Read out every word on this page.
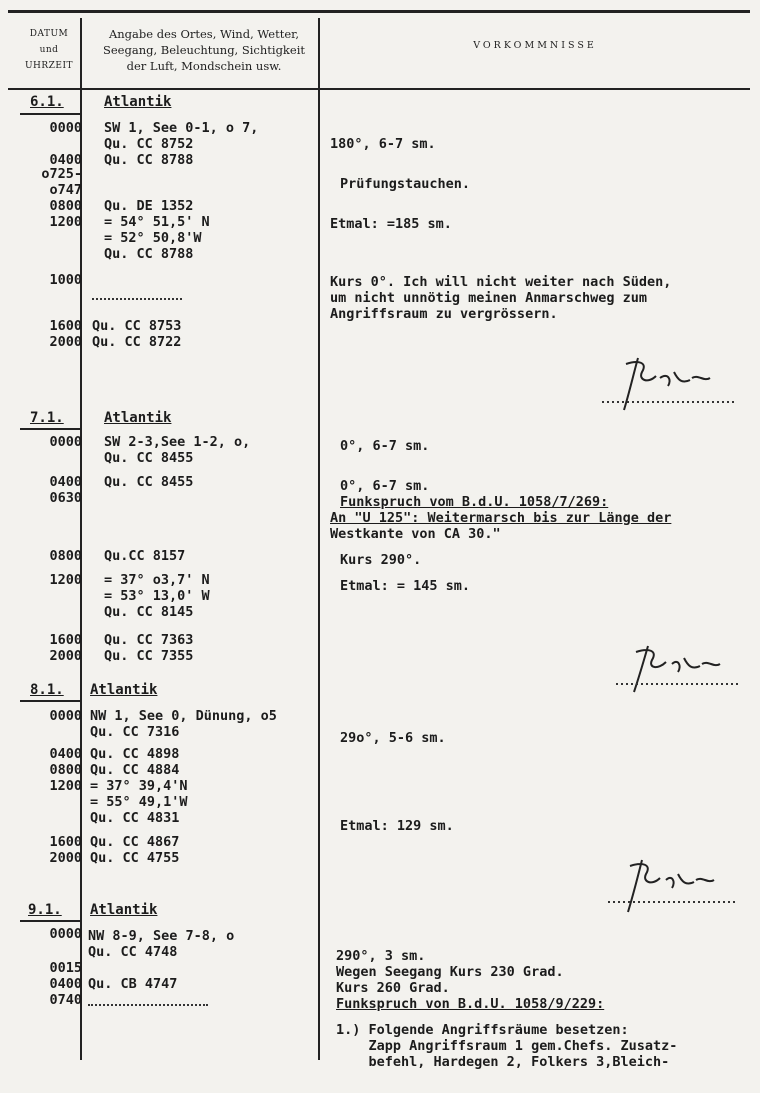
DATUM
und
UHRZEIT
Angabe des Ortes, Wind, Wetter,
Seegang, Beleuchtung, Sichtigkeit
der Luft, Mondschein usw.
VORKOMMNISSE
6.1.	Atlantik
0000 SW 1, See 0-1, o 7,
Qu. CC 8752	180°, 6-7 sm.
0400 Qu. CC 8788
o725-
o747	Prüfungstauchen.
0800 Qu. DE 1352
1200 = 54° 51,5' N	Etmal: =185 sm.
= 52° 50,8'W
Qu. CC 8788
1000	Kurs 0°. Ich will nicht weiter nach Süden,
um nicht unnötig meinen Anmarschweg zum
Angriffsraum zu vergrössern.
1600 Qu. CC 8753
2000 Qu. CC 8722
7.1.	Atlantik
0000 SW 2-3,See 1-2, o,	0°, 6-7 sm.
Qu. CC 8455
0400 Qu. CC 8455	0°, 6-7 sm.
0630	Funkspruch vom B.d.U. 1058/7/269:
An "U 125": Weitermarsch bis zur Länge der
Westkante von CA 30."
0800 Qu.CC 8157	Kurs 290°.
1200 = 37° o3,7' N	Etmal: = 145 sm.
= 53° 13,0' W
Qu. CC 8145
1600 Qu. CC 7363
2000 Qu. CC 7355
8.1. Atlantik
0000 NW 1, See 0, Dünung, o5
Qu. CC 7316	29o°, 5-6 sm.
0400 Qu. CC 4898
0800 Qu. CC 4884
1200 = 37° 39,4'N
= 55° 49,1'W
Qu. CC 4831	Etmal: 129 sm.
1600 Qu. CC 4867
2000 Qu. CC 4755
9.1. Atlantik
0000 NW 8-9, See 7-8, o
Qu. CC 4748	290°, 3 sm.
0015	Wegen Seegang Kurs 230 Grad.
0400 Qu. CB 4747	Kurs 260 Grad.
0740	Funkspruch von B.d.U. 1058/9/229:
1.) Folgende Angriffsräume besetzen:
Zapp Angriffsraum 1 gem.Chefs. Zusatz-
befehl, Hardegen 2, Folkers 3,Bleich-
